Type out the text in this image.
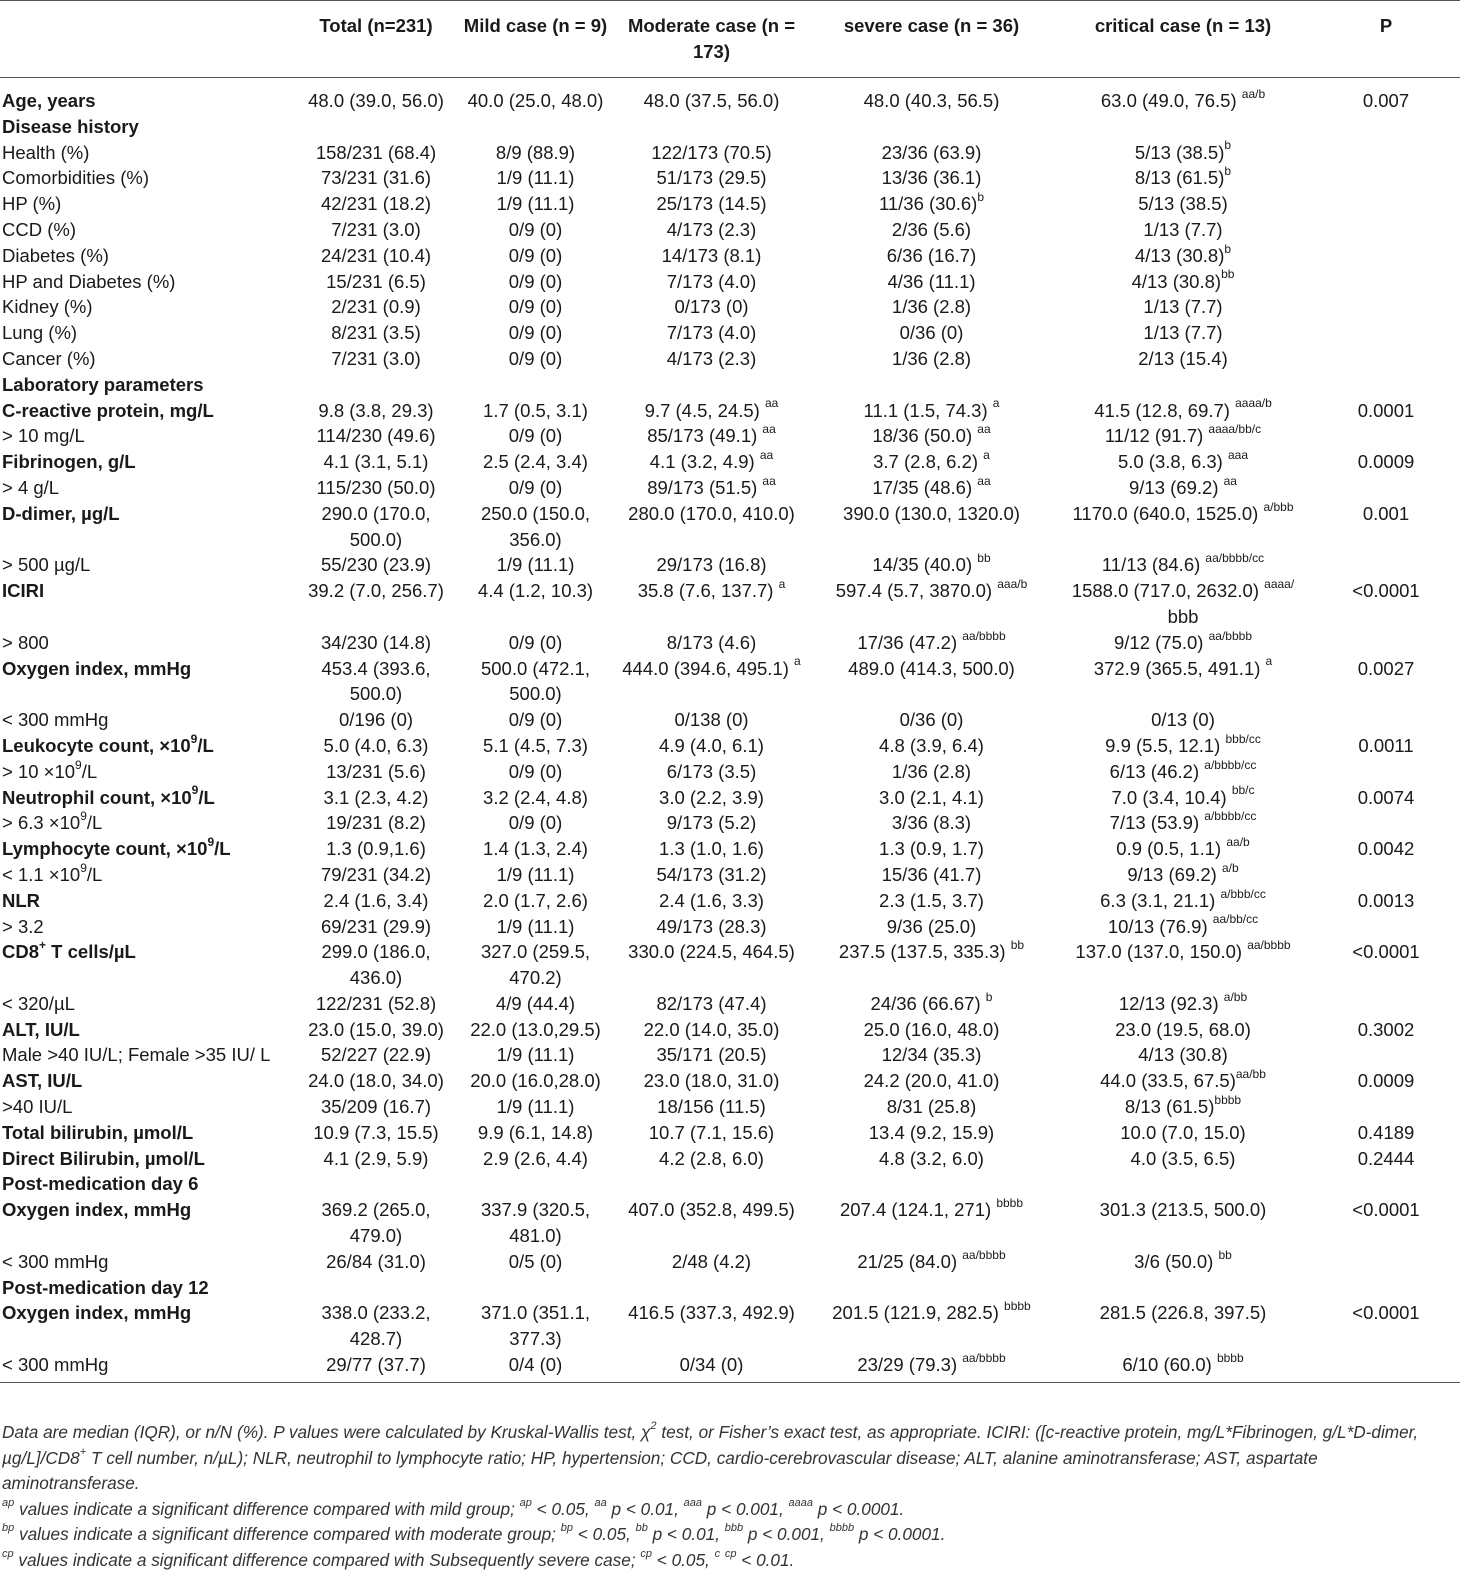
	Total (n=231)	Mild case (n = 9)	Moderate case (n = 173)	severe case (n = 36)	critical case (n = 13)	P
Age, years	48.0 (39.0, 56.0)	40.0 (25.0, 48.0)	48.0 (37.5, 56.0)	48.0 (40.3, 56.5)	63.0 (49.0, 76.5) $^{aa/b}$	0.007
Disease history						
Health (%)	158/231 (68.4)	8/9 (88.9)	122/173 (70.5)	23/36 (63.9)	5/13 $(38.5)^b$	
Comorbidities (%)	73/231 (31.6)	1/9 (11.1)	51/173 (29.5)	13/36 (36.1)	8/13 $(61.5)^b$	
HP (%)	42/231 (18.2)	1/9 (11.1)	25/173 (14.5)	11/36 $(30.6)^b$	5/13 (38.5)	
CCD (%)	7/231 (3.0)	0/9 (0)	4/173 (2.3)	2/36 (5.6)	1/13 (7.7)	
Diabetes (%)	24/231 (10.4)	0/9 (0)	14/173 (8.1)	6/36 (16.7)	4/13 $(30.8)^b$	
HP and Diabetes (%)	15/231 (6.5)	0/9 (0)	7/173 (4.0)	4/36 (11.1)	4/13 $(30.8)^{bb}$	
Kidney (%)	2/231 (0.9)	0/9 (0)	0/173 (0)	1/36 (2.8)	1/13 (7.7)	
Lung (%)	8/231 (3.5)	0/9 (0)	7/173 (4.0)	0/36 (0)	1/13 (7.7)	
Cancer (%)	7/231 (3.0)	0/9 (0)	4/173 (2.3)	1/36 (2.8)	2/13 (15.4)	
Laboratory parameters						
C-reactive protein, mg/L	9.8 (3.8, 29.3)	1.7 (0.5, 3.1)	9.7 (4.5, 24.5) $^{aa}$	11.1 (1.5, 74.3) $^a$	41.5 (12.8, 69.7) $^{aaaa/b}$	0.0001
> 10 mg/L	114/230 (49.6)	0/9 (0)	85/173 (49.1) $^{aa}$	18/36 (50.0) $^{aa}$	11/12 (91.7) $^{aaaa/bb/c}$	
Fibrinogen, g/L	4.1 (3.1, 5.1)	2.5 (2.4, 3.4)	4.1 (3.2, 4.9) $^{aa}$	3.7 (2.8, 6.2) $^a$	5.0 (3.8, 6.3) $^{aaa}$	0.0009
> 4 g/L	115/230 (50.0)	0/9 (0)	89/173 (51.5) $^{aa}$	17/35 (48.6) $^{aa}$	9/13 (69.2) $^{aa}$	
D-dimer, µg/L	290.0 (170.0, 500.0)	250.0 (150.0, 356.0)	280.0 (170.0, 410.0)	390.0 (130.0, 1320.0)	1170.0 (640.0, 1525.0) $^{a/bbb}$	0.001
> 500 µg/L	55/230 (23.9)	1/9 (11.1)	29/173 (16.8)	14/35 (40.0) $^{bb}$	11/13 (84.6) $^{aa/bbbb/cc}$	
ICIRI	39.2 (7.0, 256.7)	4.4 (1.2, 10.3)	35.8 (7.6, 137.7) $^a$	597.4 (5.7, 3870.0) $^{aaa/b}$	1588.0 (717.0, 2632.0) $^{aaaa/}$ bbb	<0.0001
> 800	34/230 (14.8)	0/9 (0)	8/173 (4.6)	17/36 (47.2) $^{aa/bbbb}$	9/12 (75.0) $^{aa/bbbb}$	
Oxygen index, mmHg	453.4 (393.6, 500.0)	500.0 (472.1, 500.0)	444.0 (394.6, 495.1) $^a$	489.0 (414.3, 500.0)	372.9 (365.5, 491.1) $^a$	0.0027
< 300 mmHg	0/196 (0)	0/9 (0)	0/138 (0)	0/36 (0)	0/13 (0)	
Leukocyte count, $\times 10^9/L$	5.0 (4.0, 6.3)	5.1 (4.5, 7.3)	4.9 (4.0, 6.1)	4.8 (3.9, 6.4)	9.9 (5.5, 12.1) $^{bbb/cc}$	0.0011
> $10 \times 10^9/L$	13/231 (5.6)	0/9 (0)	6/173 (3.5)	1/36 (2.8)	6/13 (46.2) $^{a/bbbb/cc}$	
Neutrophil count, $\times 10^9/L$	3.1 (2.3, 4.2)	3.2 (2.4, 4.8)	3.0 (2.2, 3.9)	3.0 (2.1, 4.1)	7.0 (3.4, 10.4) $^{bb/c}$	0.0074
> $6.3 \times 10^9/L$	19/231 (8.2)	0/9 (0)	9/173 (5.2)	3/36 (8.3)	7/13 (53.9) $^{a/bbbb/cc}$	
Lymphocyte count, $\times 10^9/L$	1.3 (0.9,1.6)	1.4 (1.3, 2.4)	1.3 (1.0, 1.6)	1.3 (0.9, 1.7)	0.9 (0.5, 1.1) $^{aa/b}$	0.0042
< $1.1 \times 10^9/L$	79/231 (34.2)	1/9 (11.1)	54/173 (31.2)	15/36 (41.7)	9/13 (69.2) $^{a/b}$	
NLR	2.4 (1.6, 3.4)	2.0 (1.7, 2.6)	2.4 (1.6, 3.3)	2.3 (1.5, 3.7)	6.3 (3.1, 21.1) $^{a/bbb/cc}$	0.0013
> 3.2	69/231 (29.9)	1/9 (11.1)	49/173 (28.3)	9/36 (25.0)	10/13 (76.9) $^{aa/bb/cc}$	
CD8+ T cells/µL	299.0 (186.0, 436.0)	327.0 (259.5, 470.2)	330.0 (224.5, 464.5)	237.5 (137.5, 335.3) $^{bb}$	137.0 (137.0, 150.0) $^{aa/bbbb}$	<0.0001
< 320/µL	122/231 (52.8)	4/9 (44.4)	82/173 (47.4)	24/36 (66.67) $^b$	12/13 (92.3) $^{a/bb}$	
ALT, IU/L	23.0 (15.0, 39.0)	22.0 (13.0,29.5)	22.0 (14.0, 35.0)	25.0 (16.0, 48.0)	23.0 (19.5, 68.0)	0.3002
Male >40 IU/L; Female >35 IU/ L	52/227 (22.9)	1/9 (11.1)	35/171 (20.5)	12/34 (35.3)	4/13 (30.8)	
AST, IU/L	24.0 (18.0, 34.0)	20.0 (16.0,28.0)	23.0 (18.0, 31.0)	24.2 (20.0, 41.0)	44.0 (33.5, 67.5)$^{aa/bb}$	0.0009
>40 IU/L	35/209 (16.7)	1/9 (11.1)	18/156 (11.5)	8/31 (25.8)	8/13 $(61.5)^{bbbb}$	
Total bilirubin, µmol/L	10.9 (7.3, 15.5)	9.9 (6.1, 14.8)	10.7 (7.1, 15.6)	13.4 (9.2, 15.9)	10.0 (7.0, 15.0)	0.4189
Direct Bilirubin, µmol/L	4.1 (2.9, 5.9)	2.9 (2.6, 4.4)	4.2 (2.8, 6.0)	4.8 (3.2, 6.0)	4.0 (3.5, 6.5)	0.2444
Post-medication day 6						
Oxygen index, mmHg	369.2 (265.0, 479.0)	337.9 (320.5, 481.0)	407.0 (352.8, 499.5)	207.4 (124.1, 271) $^{bbbb}$	301.3 (213.5, 500.0)	<0.0001
< 300 mmHg	26/84 (31.0)	0/5 (0)	2/48 (4.2)	21/25 (84.0) $^{aa/bbbb}$	3/6 (50.0) $^{bb}$	
Post-medication day 12						
Oxygen index, mmHg	338.0 (233.2, 428.7)	371.0 (351.1, 377.3)	416.5 (337.3, 492.9)	201.5 (121.9, 282.5) $^{bbbb}$	281.5 (226.8, 397.5)	<0.0001
< 300 mmHg	29/77 (37.7)	0/4 (0)	0/34 (0)	23/29 (79.3) $^{aa/bbbb}$	6/10 (60.0) $^{bbbb}$	

Data are median (IQR), or n/N (%). P values were calculated by Kruskal-Wallis test, $\chi^2$ test, or Fisher’s exact test, as appropriate. ICIRI: ([c-reactive protein, mg/L*Fibrinogen, g/L*D-dimer, µg/L]/CD8+ T cell number, n/µL); NLR, neutrophil to lymphocyte ratio; HP, hypertension; CCD, cardio-cerebrovascular disease; ALT, alanine aminotransferase; AST, aspartate aminotransferase.

$^{ap}$ values indicate a significant difference compared with mild group; $^{ap}$ < 0.05, $^{aa}$ p < 0.01, $^{aaa}$ p < 0.001, $^{aaaa}$ p < 0.0001.

$^{bp}$ values indicate a significant difference compared with moderate group; $^{bp}$ < 0.05, $^{bb}$ p < 0.01, $^{bbb}$ p < 0.001, $^{bbbb}$ p < 0.0001.

$^{cp}$ values indicate a significant difference compared with Subsequently severe case; $^{cp}$ < 0.05, $^c$ $^{cp}$ < 0.01.
